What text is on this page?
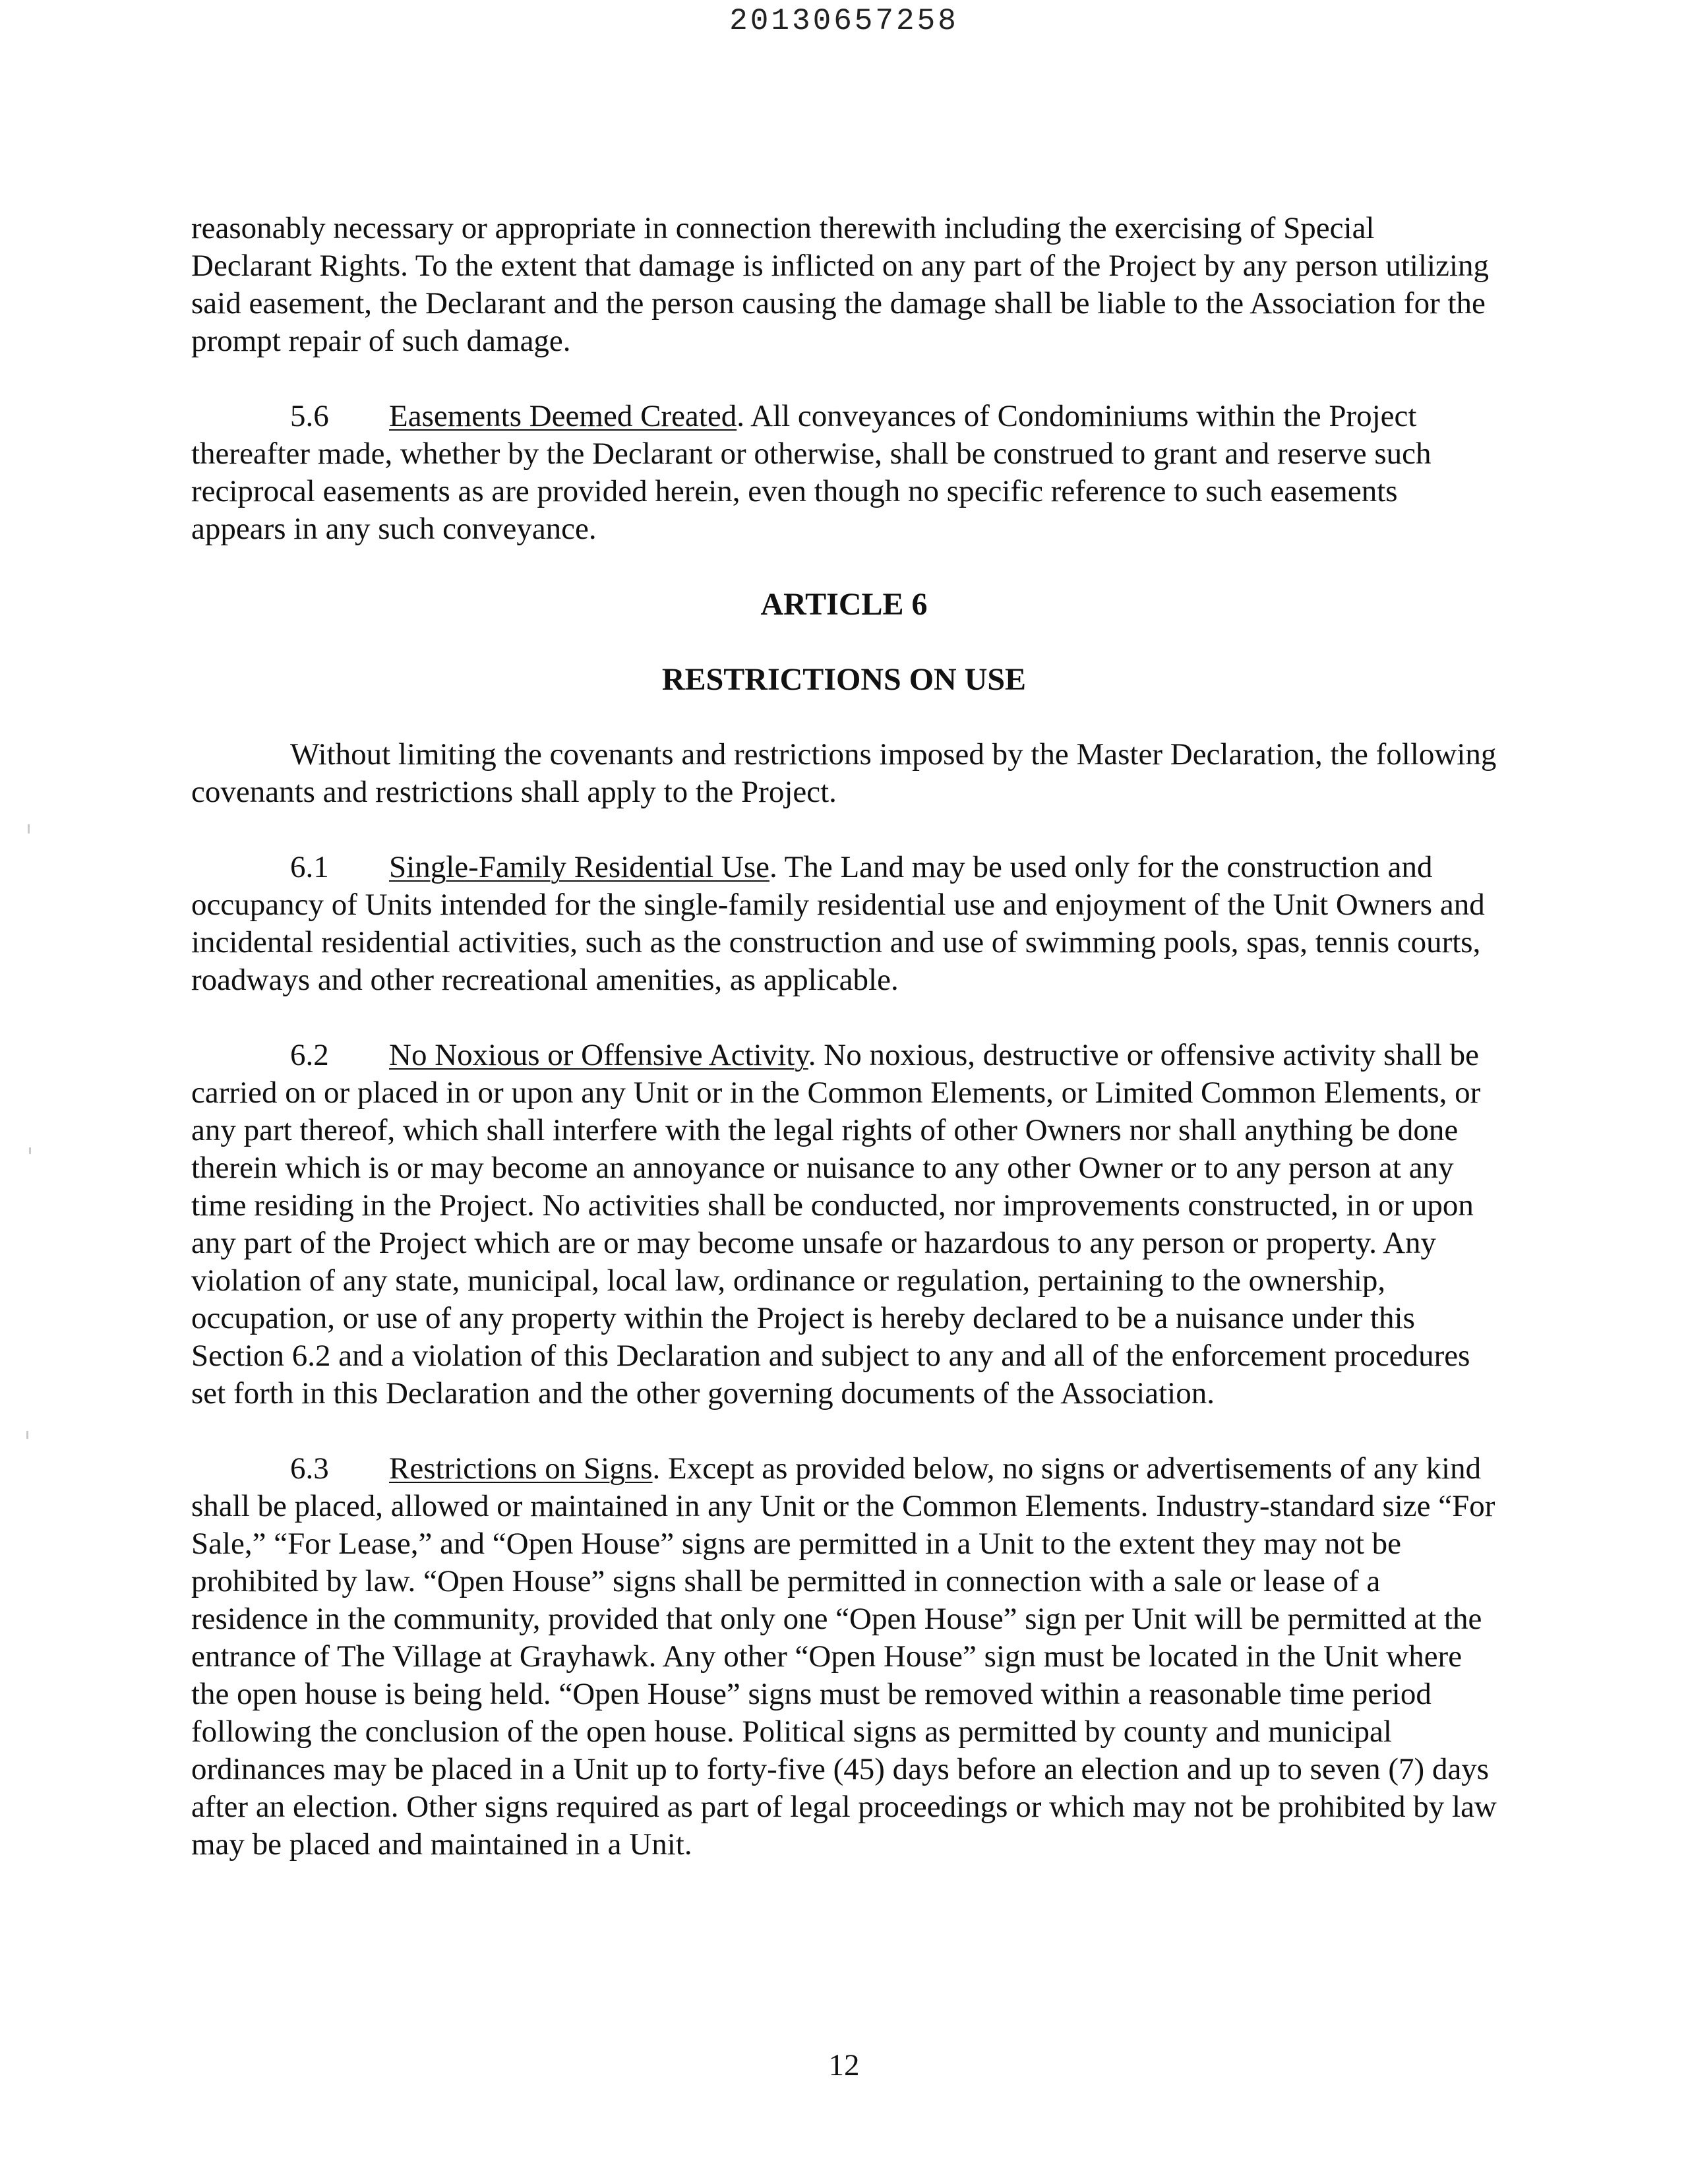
20130657258

reasonably necessary or appropriate in connection therewith including the exercising of Special Declarant Rights. To the extent that damage is inflicted on any part of the Project by any person utilizing said easement, the Declarant and the person causing the damage shall be liable to the Association for the prompt repair of such damage.

5.6 Easements Deemed Created. All conveyances of Condominiums within the Project thereafter made, whether by the Declarant or otherwise, shall be construed to grant and reserve such reciprocal easements as are provided herein, even though no specific reference to such easements appears in any such conveyance.

ARTICLE 6

RESTRICTIONS ON USE

Without limiting the covenants and restrictions imposed by the Master Declaration, the following covenants and restrictions shall apply to the Project.

6.1 Single-Family Residential Use. The Land may be used only for the construction and occupancy of Units intended for the single-family residential use and enjoyment of the Unit Owners and incidental residential activities, such as the construction and use of swimming pools, spas, tennis courts, roadways and other recreational amenities, as applicable.

6.2 No Noxious or Offensive Activity. No noxious, destructive or offensive activity shall be carried on or placed in or upon any Unit or in the Common Elements, or Limited Common Elements, or any part thereof, which shall interfere with the legal rights of other Owners nor shall anything be done therein which is or may become an annoyance or nuisance to any other Owner or to any person at any time residing in the Project. No activities shall be conducted, nor improvements constructed, in or upon any part of the Project which are or may become unsafe or hazardous to any person or property. Any violation of any state, municipal, local law, ordinance or regulation, pertaining to the ownership, occupation, or use of any property within the Project is hereby declared to be a nuisance under this Section 6.2 and a violation of this Declaration and subject to any and all of the enforcement procedures set forth in this Declaration and the other governing documents of the Association.

6.3 Restrictions on Signs. Except as provided below, no signs or advertisements of any kind shall be placed, allowed or maintained in any Unit or the Common Elements. Industry-standard size “For Sale,” “For Lease,” and “Open House” signs are permitted in a Unit to the extent they may not be prohibited by law. “Open House” signs shall be permitted in connection with a sale or lease of a residence in the community, provided that only one “Open House” sign per Unit will be permitted at the entrance of The Village at Grayhawk. Any other “Open House” sign must be located in the Unit where the open house is being held. “Open House” signs must be removed within a reasonable time period following the conclusion of the open house. Political signs as permitted by county and municipal ordinances may be placed in a Unit up to forty-five (45) days before an election and up to seven (7) days after an election. Other signs required as part of legal proceedings or which may not be prohibited by law may be placed and maintained in a Unit.

12
